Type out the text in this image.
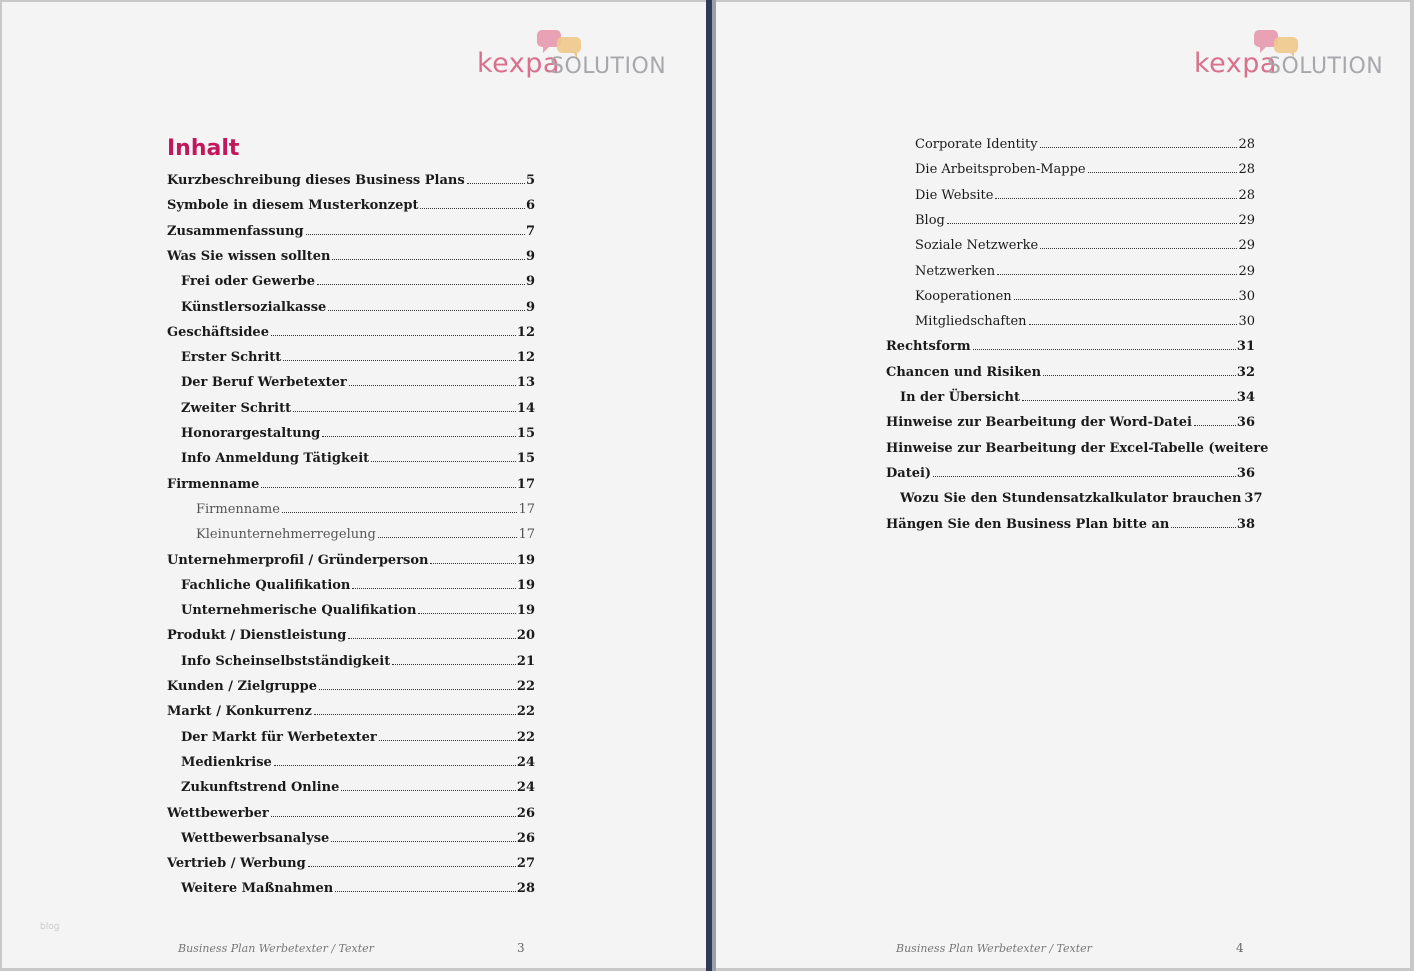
kexpa
SOLUTION
Inhalt
Kurzbeschreibung dieses Business Plans	5
Symbole in diesem Musterkonzept	6
Zusammenfassung	7
Was Sie wissen sollten	9
Frei oder Gewerbe	9
Künstlersozialkasse	9
Geschäftsidee	12
Erster Schritt	12
Der Beruf Werbetexter	13
Zweiter Schritt	14
Honorargestaltung	15
Info Anmeldung Tätigkeit	15
Firmenname	17
Firmenname	17
Kleinunternehmerregelung	17
Unternehmerprofil / Gründerperson	19
Fachliche Qualifikation	19
Unternehmerische Qualifikation	19
Produkt / Dienstleistung	20
Info Scheinselbstständigkeit	21
Kunden / Zielgruppe	22
Markt / Konkurrenz	22
Der Markt für Werbetexter	22
Medienkrise	24
Zukunftstrend Online	24
Wettbewerber	26
Wettbewerbsanalyse	26
Vertrieb / Werbung	27
Weitere Maßnahmen	28
Business Plan Werbetexter / Texter	3
blog
kexpa
SOLUTION
Corporate Identity	28
Die Arbeitsproben-Mappe	28
Die Website	28
Blog	29
Soziale Netzwerke	29
Netzwerken	29
Kooperationen	30
Mitgliedschaften	30
Rechtsform	31
Chancen und Risiken	32
In der Übersicht	34
Hinweise zur Bearbeitung der Word-Datei	36
Hinweise zur Bearbeitung der Excel-Tabelle (weitere
Datei)	36
Wozu Sie den Stundensatzkalkulator brauchen 37
Hängen Sie den Business Plan bitte an	38
Business Plan Werbetexter / Texter	4
